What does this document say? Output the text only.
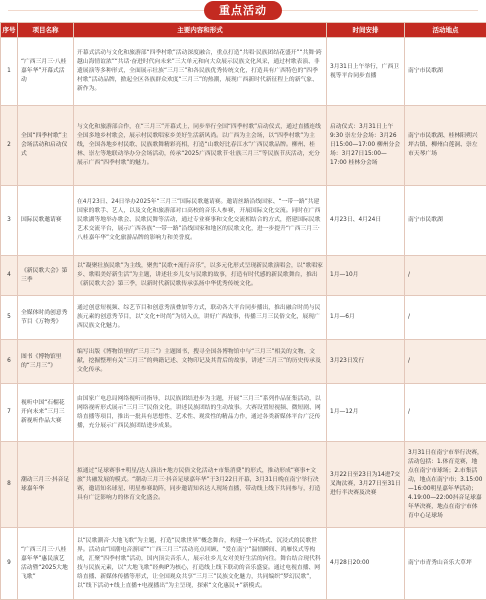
重点活动
序号	项目名称	主要内容和形式	时间安排	活动地点
1	“广西三月三·八桂嘉年华”开幕式活动	开幕式活动与文化和旅游部“四季村歌”活动深度融合，重点打造“共唱·民族团结花盛开”“共舞·跨越山海情谊浓”“共话·奋进时代向未来”三大单元和向大众展示民族文化风采，通过村歌表演、非遗展演等多种形式，全面展示壮族“三月三”和各民族优秀传统文化，打造具有广西特色的“四季村歌”活动品牌，掀起全区各族群众欢度“三月三”的热潮，展现广西新时代新征程上的新气象、新作为。	3月31日上午举行，广西卫视等平台同步直播	南宁市民歌湖
2	全国“四季村歌”主会场活动和启动仪式	与文化和旅游部合作，在“三月三”开幕式上，同步举行全国“四季村歌”启动仪式，通过直播连线全国多地乡村歌会，展示村民歌唱家乡美好生活新风尚。以广西为主会场，以“四季村歌”为主线，全国各地乡村民歌、民族歌舞精彩亮相，打造“山歌好比春江水”广西民歌品牌。柳州、桂林、崇左等地联动举办分会场活动，传承“2025广西民歌节·壮族三月三”等民族节庆活动，充分展示广西“四季村歌”的魅力。	启动仪式：3月31日上午9:30 崇左分会场：3月26日15:00—17:00 柳州分会场：3月27日15:00—17:00 桂林分会场	南宁市民歌湖、桂林阳朔兴坪古镇、柳州白莲洞、崇左市天琴广场
3	国际民歌邀请赛	在4月23日、24日举办2025年“三月三”国际民歌邀请赛。邀请丝路沿线国家、“一带一路”共建国家的歌手、艺人，以及文化和旅游部对口高校的音乐人参赛，开展国际文化交流。同时在广西民歌湖等地举办歌会、民歌民舞等活动，通过专业赛事和文化交流相结合的方式，搭建国际民歌艺术交流平台，展示广西各族“一带一路”沿线国家和地区的民歌文化，进一步提升“广西三月三·八桂嘉年华”文化旅游品牌的影响力和美誉度。	4月23日、4月24日	南宁市民歌湖
4	《新民歌大会》第三季	以“凝聚壮族民歌”为主线，聚焦“民歌+流行音乐”，以多元化形式呈现新民歌演唱会，以“歌唱家乡、歌唱美好新生活”为主题，讲述壮乡儿女与民歌的故事，打造有时代感的新民歌舞台，推出《新民歌大会》第三季，以新时代新民歌传承弘扬中华优秀传统文化。	1月—10月	/
5	全媒体时尚创意秀节目《万物秀》	通过创意短视频、综艺节目和创意秀演叠加等方式，联动各大平台同步播出，推出融合时尚与民族元素的创意秀节目，以“文化+时尚”为切入点，讲好广西故事，传播三月三民俗文化，展现广西民族文化魅力。	1月—6月	/
6	图书《博物馆里的“三月三”》	编写出版《博物馆里的“三月三”》主题图书，搜寻全国各博物馆中与“三月三”相关的文物、文献，挖掘整理有关“三月三”的典籍记述、文物印记及其背后的故事，讲述“三月三”的历史传承及文化传承。	3月23日发行	/
7	视听中国“石榴花开向未来”三月三新视听作品大赛	由国家广电总局网络视听司指导，以民族团结进步为主题，开展“三月三”系列作品征集活动，以网络视听形式展示“三月三”民俗文化，讲述民族团结的生动故事。大赛设置短视频、微短剧、网络直播等项目，推出一批具有思想性、艺术性、观赏性的精品力作，通过各类新媒体平台广泛传播，充分展示广西民族团结进步成果。	1月—12月	/
8	潮动三月三·抖音足球嘉年华	拟通过“足球赛事+明星/达人演出+地方民俗文化活动+市集消费”的形式，推动形成“赛事+文旅”共融发展的模式。“潮动三月三·抖音足球嘉年华”于3月22日开幕，3月31日晚在南宁举行决赛，邀请知名球星、明星参赛助阵，同步邀请知名达人现场直播，带动线上线下共同参与，打造具有广泛影响力的体育文化盛会。	3月22日至23日为14进7交叉淘汰赛，3月27日至31日进行半决赛及决赛	3月31日在南宁市举行决赛，活动包括：1.体育竞赛，地点在南宁市球场；2.市集活动，地点在南宁市；3.15:00—16:00明星嘉年华活动；4.19:00—22:00抖音足球嘉年华决赛，地点在南宁市体育中心足球场
9	“广西三月三·八桂嘉年华”惠民演艺活动暨“2025大地飞歌”	以“民歌潮音·大地飞歌”为主题，打造“民歌世界”概念舞台，构建一个环绕式、沉浸式的民歌世界。活动由“国潮电音游园”“广西三月三”活动亮点回顾、“爱在南宁”温情瞬间、鸿雁仪式等构成，汇聚“四季村歌”活动，国内顶尖音乐人，展示壮乡儿女对美好生活的向往。舞台结合现代科技与民族元素，以“大地飞歌”经典IP为核心，打造线上线下联动的音乐盛宴。通过电视直播、网络直播、新媒体传播等形式，让全国观众共享“三月三”民族文化魅力，共同编织“梦幻民歌”，以“线下活动+线上直播+电视播出”为主呈现，探索“文化惠民+”新模式。	4月28日20:00	南宁市青秀山音乐大草坪
